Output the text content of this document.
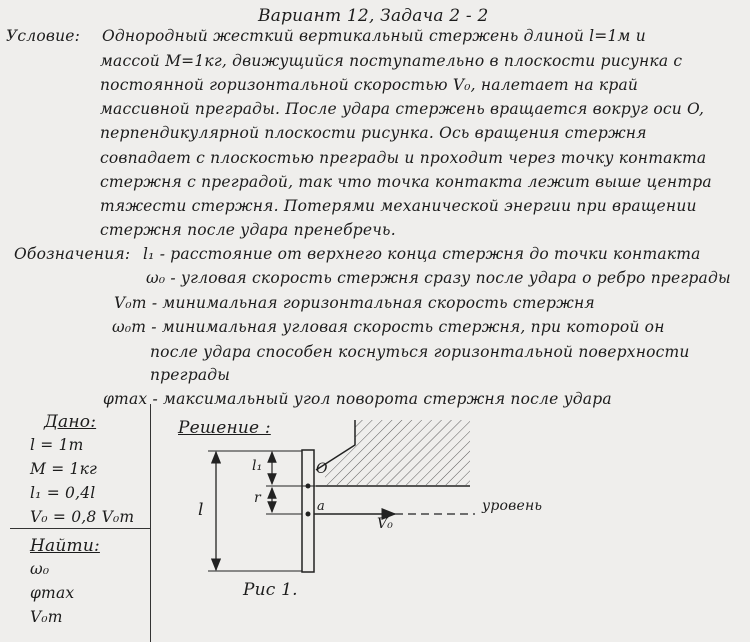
Вариант 12, Задача 2 - 2
Условие: Однородный жесткий вертикальный стержень длиной l=1м и
массой M=1кг, движущийся поступательно в плоскости рисунка с
постоянной горизонтальной скоростью V₀, налетает на край
массивной преграды. После удара стержень вращается вокруг оси O,
перпендикулярной плоскости рисунка. Ось вращения стержня
совпадает с плоскостью преграды и проходит через точку контакта
стержня с преградой, так что точка контакта лежит выше центра
тяжести стержня. Потерями механической энергии при вращении
стержня после удара пренебречь.
Обозначения: l₁ - расстояние от верхнего конца стержня до точки контакта
ω₀ - угловая скорость стержня сразу после удара о ребро преграды
V₀m - минимальная горизонтальная скорость стержня
ω₀m - минимальная угловая скорость стержня, при которой он
после удара способен коснуться горизонтальной поверхности
преграды
φmax - максимальный угол поворота стержня после удара
Дано:
l = 1m
M = 1кг
l₁ = 0,4l
V₀ = 0,8 V₀m
Найти:
ω₀
φmax
V₀m
Решение :
l
l₁
r
O
a
V₀
уровень
Рис 1.
